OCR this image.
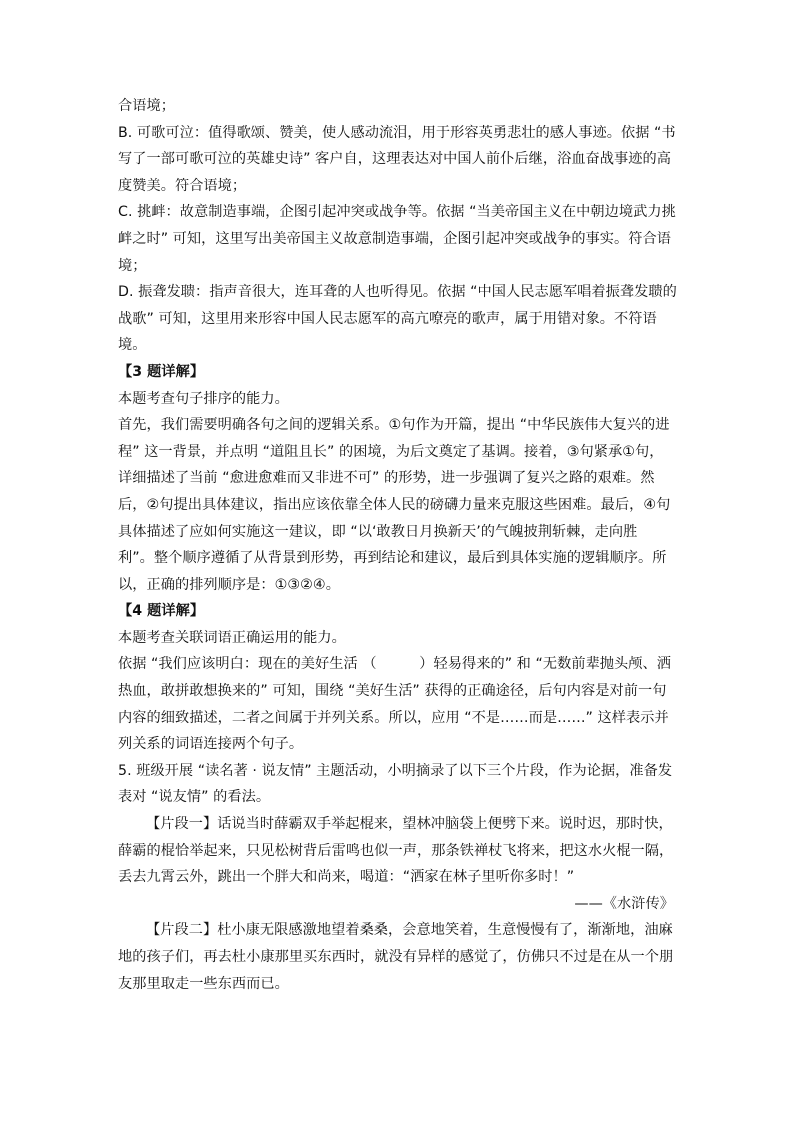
合语境；
B. 可歌可泣：值得歌颂、赞美，使人感动流泪，用于形容英勇悲壮的感人事迹。依据 “书
写了一部可歌可泣的英雄史诗” 客户自，这理表达对中国人前仆后继，浴血奋战事迹的高
度赞美。符合语境；
C. 挑衅：故意制造事端，企图引起冲突或战争等。依据 “当美帝国主义在中朝边境武力挑
衅之时” 可知，这里写出美帝国主义故意制造事端，企图引起冲突或战争的事实。符合语
境；
D. 振聋发聩：指声音很大，连耳聋的人也听得见。依据 “中国人民志愿军唱着振聋发聩的
战歌” 可知，这里用来形容中国人民志愿军的高亢嘹亮的歌声，属于用错对象。不符语
境。
【3 题详解】
本题考查句子排序的能力。
首先，我们需要明确各句之间的逻辑关系。①句作为开篇，提出 “中华民族伟大复兴的进
程” 这一背景，并点明 “道阻且长” 的困境，为后文奠定了基调。接着，③句紧承①句，
详细描述了当前 “愈进愈难而又非进不可” 的形势，进一步强调了复兴之路的艰难。然
后，②句提出具体建议，指出应该依靠全体人民的磅礴力量来克服这些困难。最后，④句
具体描述了应如何实施这一建议，即 “以‘敢教日月换新天’的气魄披荆斩棘，走向胜
利”。整个顺序遵循了从背景到形势，再到结论和建议，最后到具体实施的逻辑顺序。所
以，正确的排列顺序是：①③②④。
【4 题详解】
本题考查关联词语正确运用的能力。
依据 “我们应该明白：现在的美好生活 （　　　）轻易得来的” 和 “无数前辈抛头颅、洒
热血，敢拼敢想换来的” 可知，围绕 “美好生活” 获得的正确途径，后句内容是对前一句
内容的细致描述，二者之间属于并列关系。所以，应用 “不是……而是……” 这样表示并
列关系的词语连接两个句子。
5. 班级开展 “读名著 · 说友情” 主题活动，小明摘录了以下三个片段，作为论据，准备发
表对 “说友情” 的看法。
【片段一】话说当时薛霸双手举起棍来，望林冲脑袋上便劈下来。说时迟，那时快，
薛霸的棍恰举起来，只见松树背后雷鸣也似一声，那条铁禅杖飞将来，把这水火棍一隔，
丢去九霄云外，跳出一个胖大和尚来，喝道：“洒家在林子里听你多时！”
——《水浒传》
【片段二】杜小康无限感激地望着桑桑，会意地笑着，生意慢慢有了，渐渐地，油麻
地的孩子们，再去杜小康那里买东西时，就没有异样的感觉了，仿佛只不过是在从一个朋
友那里取走一些东西而已。
